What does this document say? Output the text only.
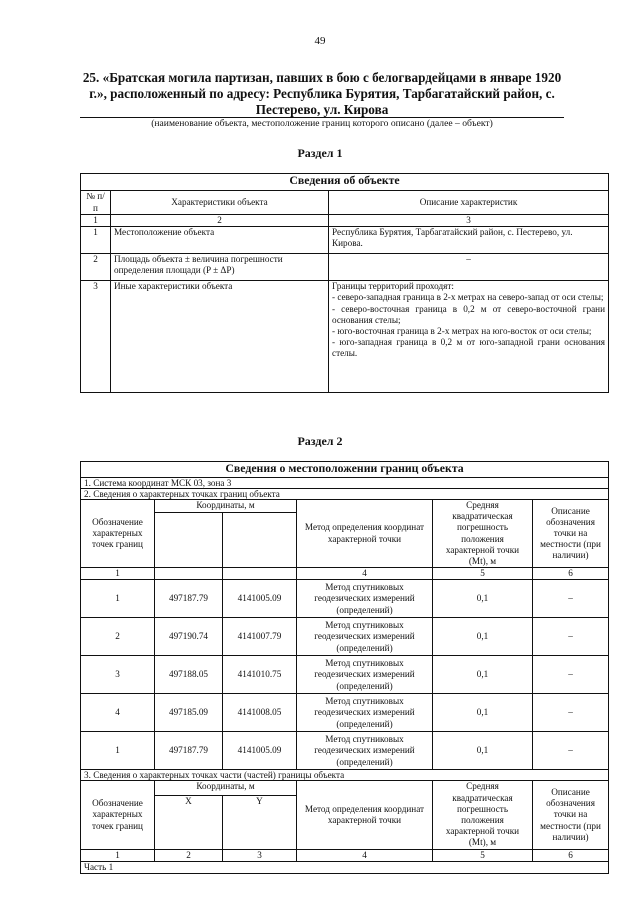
49
25. «Братская могила партизан, павших в бою с белогвардейцами в январе 1920 г.», расположенный по адресу: Республика Бурятия, Тарбагатайский район, с. Пестерево, ул. Кирова
(наименование объекта, местоположение границ которого описано (далее – объект)
Раздел 1
Сведения об объекте		
№ п/п	Характеристики объекта	Описание характеристик
1	2	3
1	Местоположение объекта	Республика Бурятия, Тарбагатайский район, с. Пестерево, ул. Кирова.
2	Площадь объекта ± величина погрешности определения площади (P ± ΔP)	–
3	Иные характеристики объекта	Границы территорий проходят:
- северо-западная граница в 2-х метрах на северо-запад от оси стелы;
- северо-восточная граница в 0,2 м от северо-восточной грани основания стелы;
- юго-восточная граница в 2-х метрах на юго-восток от оси стелы;
- юго-западная граница в 0,2 м от юго-западной грани основания стелы.
Раздел 2
Сведения о местоположении границ объекта					
1. Система координат МСК 03, зона 3					
2. Сведения о характерных точках границ объекта					
Обозначение характерных точек границ	Координаты, м		Метод определения координат характерной точки	Средняя квадратическая погрешность положения характерной точки (Mt), м	Описание обозначения точки на местности (при наличии)

1			4	5	6
1	497187.79	4141005.09	Метод спутниковых геодезических измерений (определений)	0,1	–
2	497190.74	4141007.79	Метод спутниковых геодезических измерений (определений)	0,1	–
3	497188.05	4141010.75	Метод спутниковых геодезических измерений (определений)	0,1	–
4	497185.09	4141008.05	Метод спутниковых геодезических измерений (определений)	0,1	–
1	497187.79	4141005.09	Метод спутниковых геодезических измерений (определений)	0,1	–
3. Сведения о характерных точках части (частей) границы объекта					
Обозначение характерных точек границ	Координаты, м		Метод определения координат характерной точки	Средняя квадратическая погрешность положения характерной точки (Mt), м	Описание обозначения точки на местности (при наличии)
	X	Y			
1	2	3	4	5	6
Часть 1					
